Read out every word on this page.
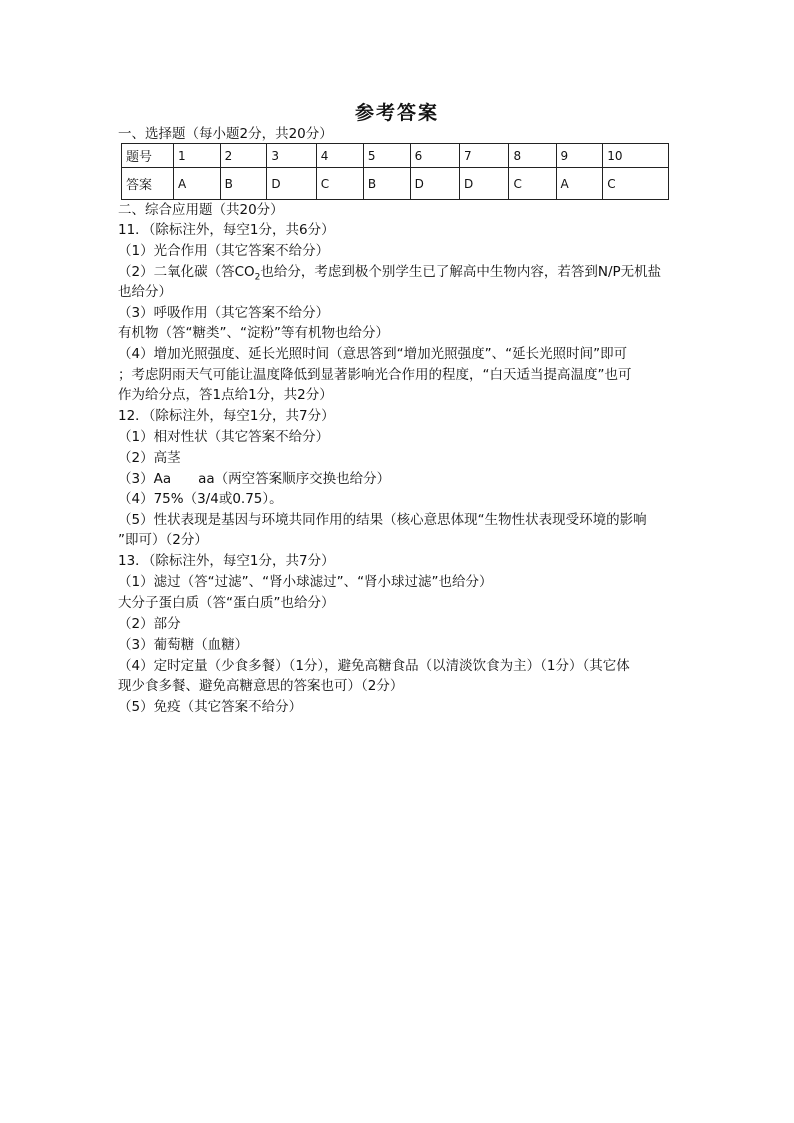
参考答案
一、选择题（每小题2分，共20分）
题号	1	2	3	4	5	6	7	8	9	10
答案	A	B	D	C	B	D	D	C	A	C
二、综合应用题（共20分）
11．（除标注外，每空1分，共6分）
（1）光合作用（其它答案不给分）
（2）二氧化碳（答$CO_2$也给分，考虑到极个别学生已了解高中生物内容，若答到N/P无机盐
也给分）
（3）呼吸作用（其它答案不给分）
有机物（答“糖类”、“淀粉”等有机物也给分）
（4）增加光照强度、延长光照时间（意思答到“增加光照强度”、“延长光照时间”即可
；考虑阴雨天气可能让温度降低到显著影响光合作用的程度，“白天适当提高温度”也可
作为给分点，答1点给1分，共2分）
12．（除标注外，每空1分，共7分）
（1）相对性状（其它答案不给分）
（2）高茎
（3）Aa　　aa（两空答案顺序交换也给分）
（4）75%（3/4或0.75）。
（5）性状表现是基因与环境共同作用的结果（核心意思体现“生物性状表现受环境的影响
”即可）（2分）
13．（除标注外，每空1分，共7分）
（1）滤过（答“过滤”、“肾小球滤过”、“肾小球过滤”也给分）
大分子蛋白质（答“蛋白质”也给分）
（2）部分
（3）葡萄糖（血糖）
（4）定时定量（少食多餐）（1分），避免高糖食品（以清淡饮食为主）（1分）（其它体
现少食多餐、避免高糖意思的答案也可）（2分）
（5）免疫（其它答案不给分）
